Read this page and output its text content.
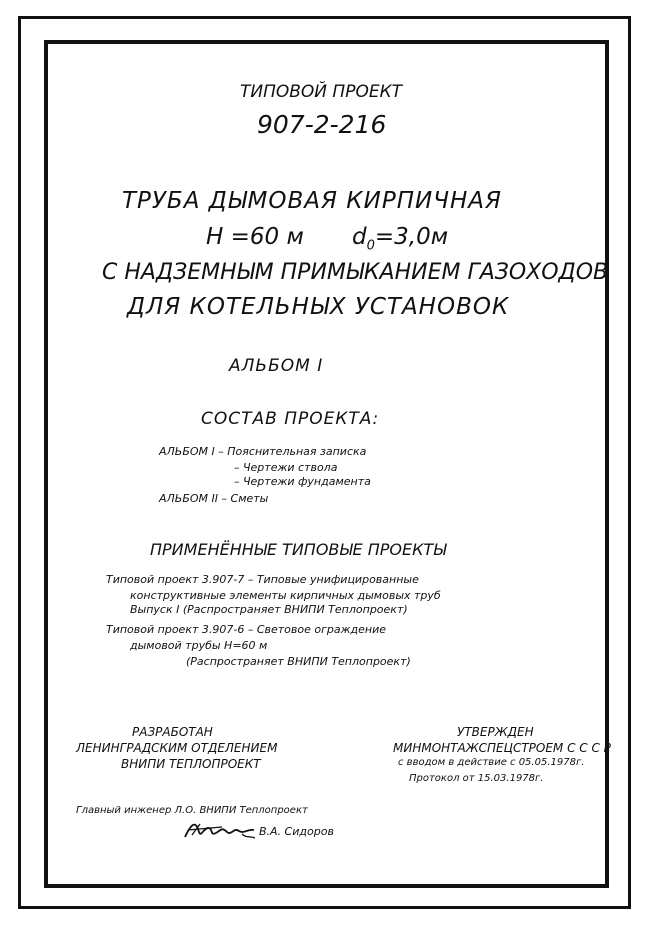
ТИПОВОЙ ПРОЕКТ
907-2-216
ТРУБА ДЫМОВАЯ КИРПИЧНАЯ
Н =60 м $d_0=3,0м$
С НАДЗЕМНЫМ ПРИМЫКАНИЕМ ГАЗОХОДОВ
ДЛЯ КОТЕЛЬНЫХ УСТАНОВОК
АЛЬБОМ I
СОСТАВ ПРОЕКТА:
АЛЬБОМ I – Пояснительная записка
– Чертежи ствола
– Чертежи фундамента
АЛЬБОМ II – Сметы
ПРИМЕНЁННЫЕ ТИПОВЫЕ ПРОЕКТЫ
Типовой проект 3.907-7 – Типовые унифицированные
конструктивные элементы кирпичных дымовых труб
Выпуск I (Распространяет ВНИПИ Теплопроект)
Типовой проект 3.907-6 – Световое ограждение
дымовой трубы Н=60 м
(Распространяет ВНИПИ Теплопроект)
РАЗРАБОТАН
ЛЕНИНГРАДСКИМ ОТДЕЛЕНИЕМ
ВНИПИ ТЕПЛОПРОЕКТ
УТВЕРЖДЕН
МИНМОНТАЖСПЕЦСТРОЕМ С С С Р
с вводом в действие с 05.05.1978г.
Протокол от 15.03.1978г.
Главный инженер Л.О. ВНИПИ Теплопроект
В.А. Сидоров
